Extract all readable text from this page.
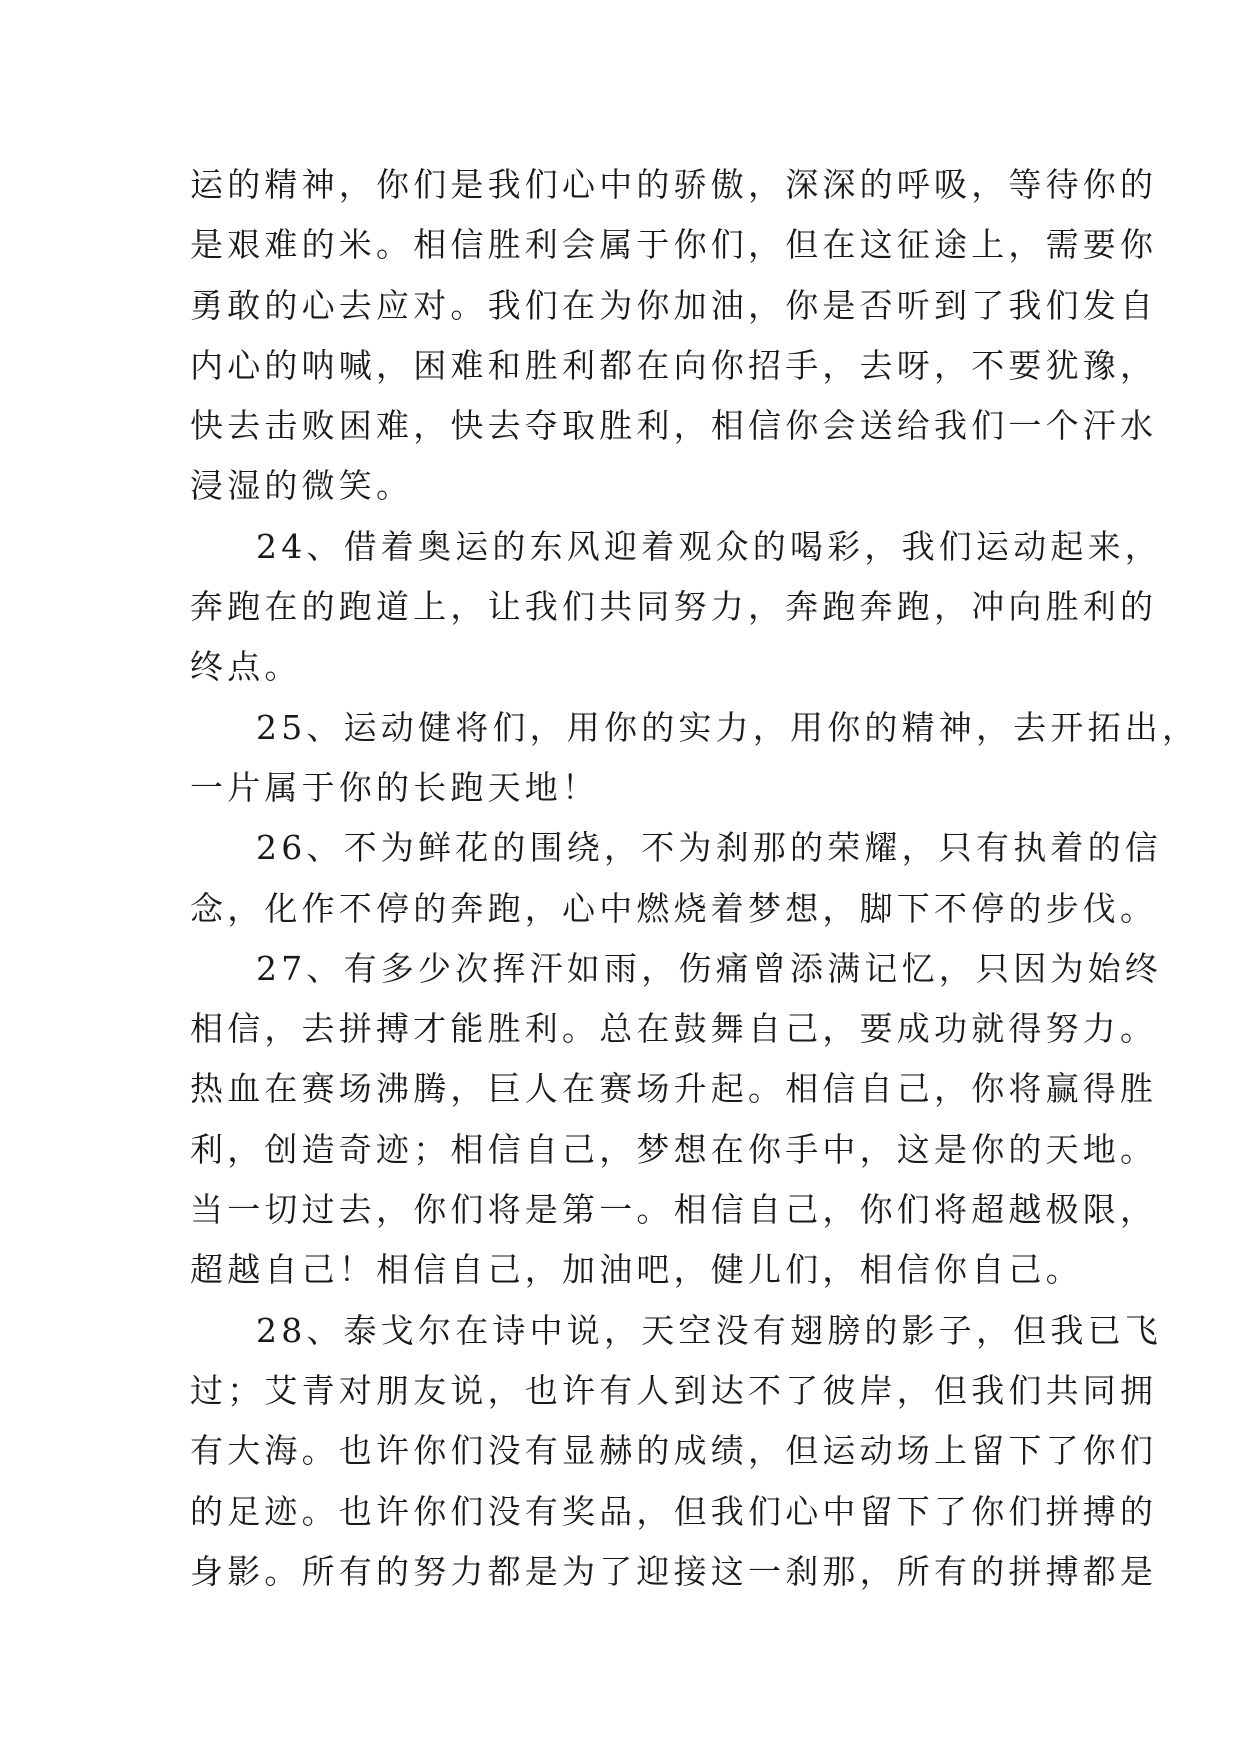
运的精神，你们是我们心中的骄傲，深深的呼吸，等待你的
是艰难的米。相信胜利会属于你们，但在这征途上，需要你
勇敢的心去应对。我们在为你加油，你是否听到了我们发自
内心的呐喊，困难和胜利都在向你招手，去呀，不要犹豫，
快去击败困难，快去夺取胜利，相信你会送给我们一个汗水
浸湿的微笑。
24、借着奥运的东风迎着观众的喝彩，我们运动起来，
奔跑在的跑道上，让我们共同努力，奔跑奔跑，冲向胜利的
终点。
25、运动健将们，用你的实力，用你的精神，去开拓出，
一片属于你的长跑天地！
26、不为鲜花的围绕，不为刹那的荣耀，只有执着的信
念，化作不停的奔跑，心中燃烧着梦想，脚下不停的步伐。
27、有多少次挥汗如雨，伤痛曾添满记忆，只因为始终
相信，去拼搏才能胜利。总在鼓舞自己，要成功就得努力。
热血在赛场沸腾，巨人在赛场升起。相信自己，你将赢得胜
利，创造奇迹；相信自己，梦想在你手中，这是你的天地。
当一切过去，你们将是第一。相信自己，你们将超越极限，
超越自己！相信自己，加油吧，健儿们，相信你自己。
28、泰戈尔在诗中说，天空没有翅膀的影子，但我已飞
过；艾青对朋友说，也许有人到达不了彼岸，但我们共同拥
有大海。也许你们没有显赫的成绩，但运动场上留下了你们
的足迹。也许你们没有奖品，但我们心中留下了你们拼搏的
身影。所有的努力都是为了迎接这一刹那，所有的拼搏都是
